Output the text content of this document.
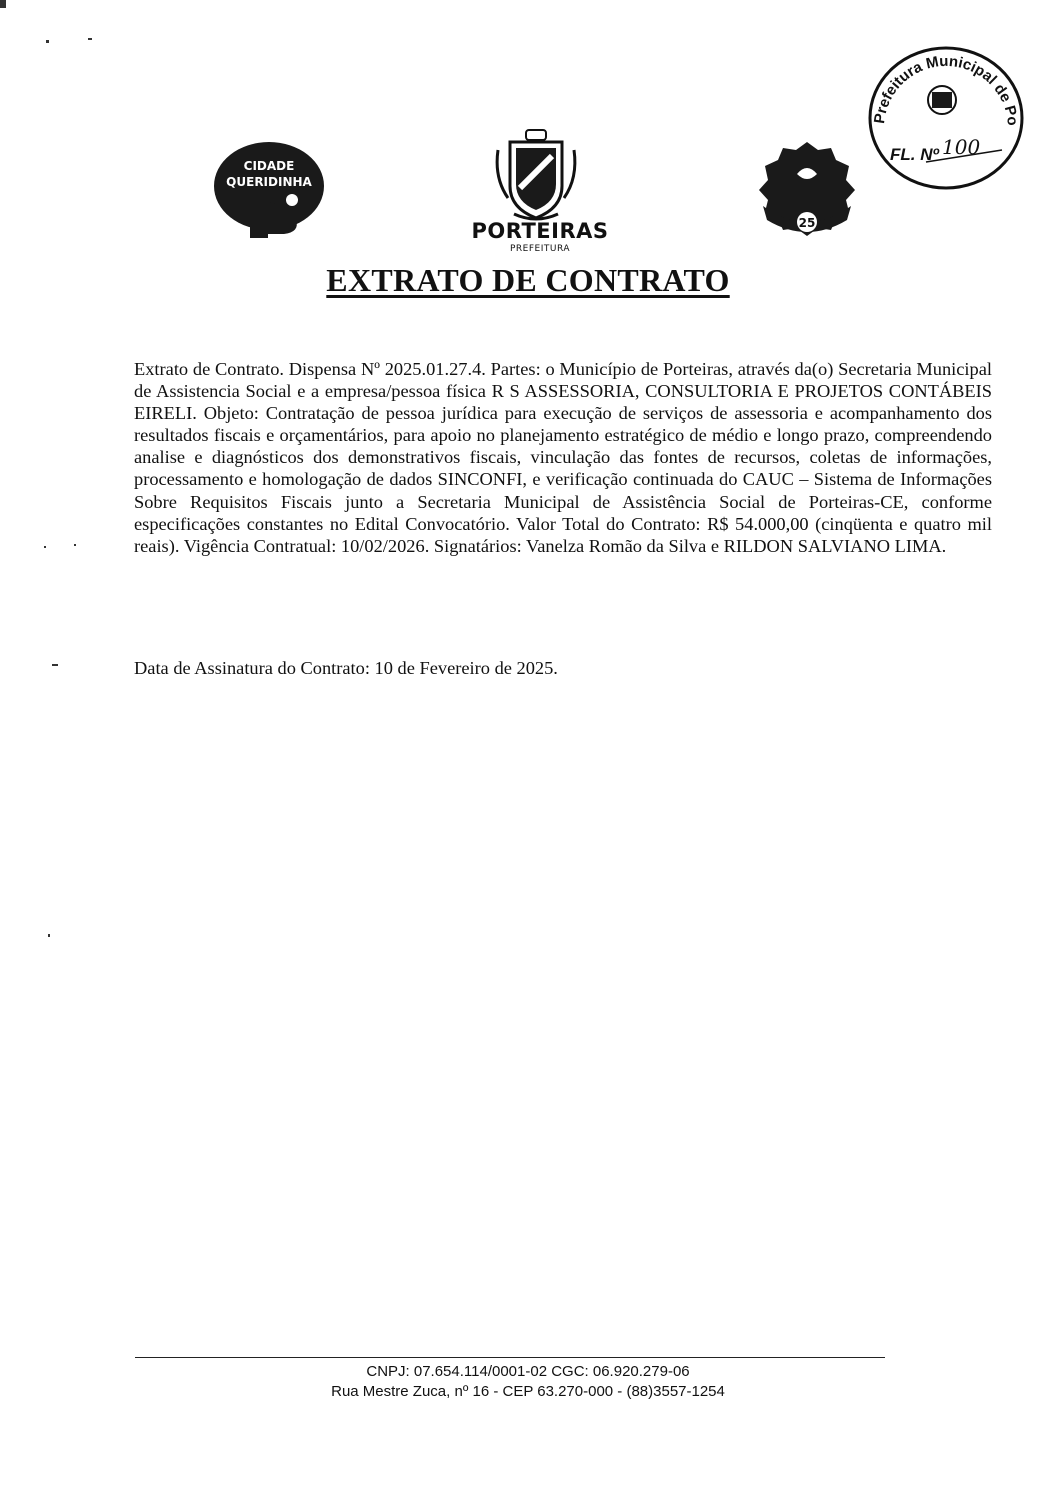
CIDADE
QUERIDINHA
PORTEIRAS
PREFEITURA
25
Prefeitura Municipal de Po
FL. Nº 100
EXTRATO DE CONTRATO
Extrato de Contrato. Dispensa Nº 2025.01.27.4. Partes: o Município de Porteiras, através da(o) Secretaria Municipal de Assistencia Social e a empresa/pessoa física R S ASSESSORIA, CONSULTORIA E PROJETOS CONTÁBEIS EIRELI. Objeto: Contratação de pessoa jurídica para execução de serviços de assessoria e acompanhamento dos resultados fiscais e orçamentários, para apoio no planejamento estratégico de médio e longo prazo, compreendendo analise e diagnósticos dos demonstrativos fiscais, vinculação das fontes de recursos, coletas de informações, processamento e homologação de dados SINCONFI, e verificação continuada do CAUC – Sistema de Informações Sobre Requisitos Fiscais junto a Secretaria Municipal de Assistência Social de Porteiras-CE, conforme especificações constantes no Edital Convocatório. Valor Total do Contrato: R$ 54.000,00 (cinqüenta e quatro mil reais). Vigência Contratual: 10/02/2026. Signatários: Vanelza Romão da Silva e RILDON SALVIANO LIMA.
Data de Assinatura do Contrato: 10 de Fevereiro de 2025.
CNPJ: 07.654.114/0001-02 CGC: 06.920.279-06
Rua Mestre Zuca, nº 16 - CEP 63.270-000 - (88)3557-1254
